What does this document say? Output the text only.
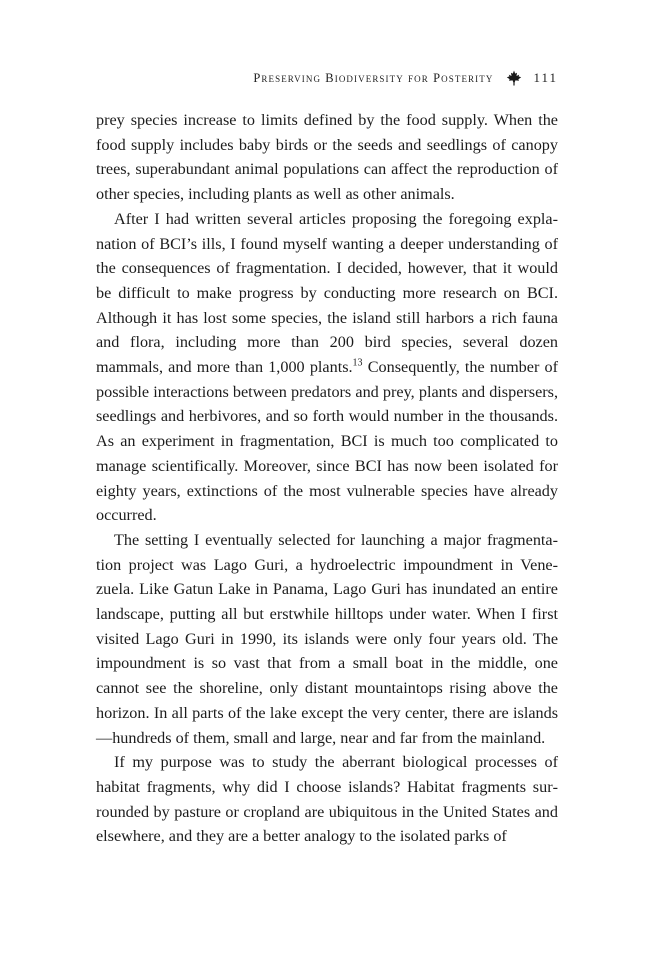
Preserving Biodiversity for Posterity	111

prey species increase to limits defined by the food supply. When the food supply includes baby birds or the seeds and seedlings of canopy trees, superabundant animal populations can affect the reproduction of other species, including plants as well as other animals.

After I had written several articles proposing the foregoing explanation of BCI’s ills, I found myself wanting a deeper understanding of the consequences of fragmentation. I decided, however, that it would be difficult to make progress by conducting more research on BCI. Although it has lost some species, the island still harbors a rich fauna and flora, including more than 200 bird species, several dozen mammals, and more than 1,000 plants.$^{13}$ Consequently, the number of possible interactions between predators and prey, plants and dispersers, seedlings and herbivores, and so forth would number in the thousands. As an experiment in fragmentation, BCI is much too complicated to manage scientifically. Moreover, since BCI has now been isolated for eighty years, extinctions of the most vulnerable species have already occurred.

The setting I eventually selected for launching a major fragmentation project was Lago Guri, a hydroelectric impoundment in Venezuela. Like Gatun Lake in Panama, Lago Guri has inundated an entire landscape, putting all but erstwhile hilltops under water. When I first visited Lago Guri in 1990, its islands were only four years old. The impoundment is so vast that from a small boat in the middle, one cannot see the shoreline, only distant mountaintops rising above the horizon. In all parts of the lake except the very center, there are islands—hundreds of them, small and large, near and far from the mainland.

If my purpose was to study the aberrant biological processes of habitat fragments, why did I choose islands? Habitat fragments surrounded by pasture or cropland are ubiquitous in the United States and elsewhere, and they are a better analogy to the isolated parks of
